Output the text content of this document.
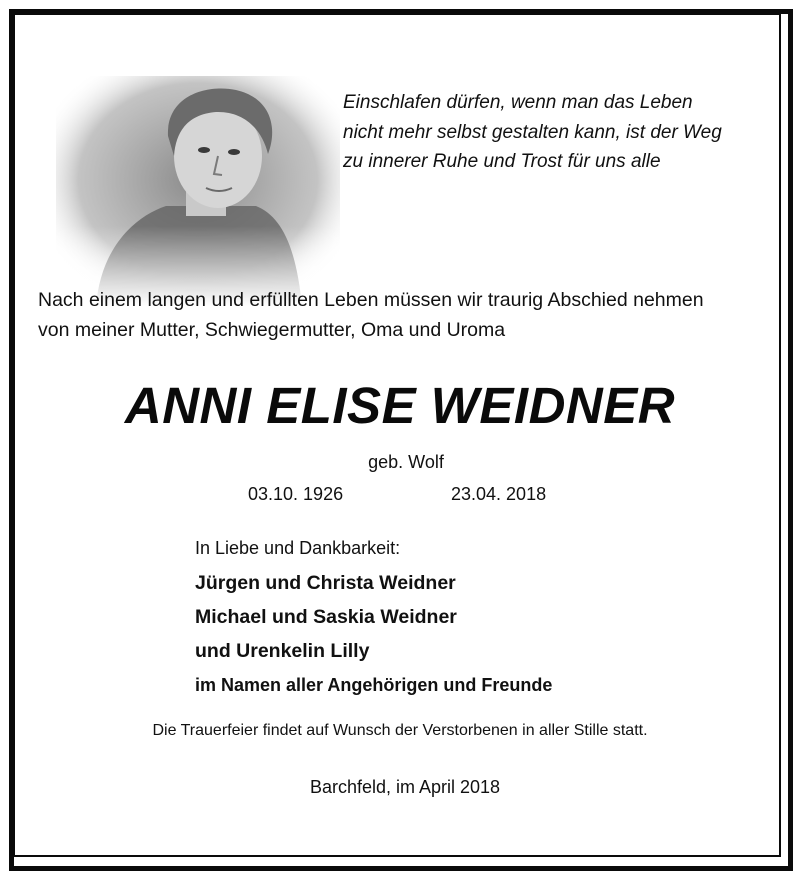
Einschlafen dürfen, wenn man das Leben
nicht mehr selbst gestalten kann, ist der Weg
zu innerer Ruhe und Trost für uns alle
Nach einem langen und erfüllten Leben müssen wir traurig Abschied nehmen
von meiner Mutter, Schwiegermutter, Oma und Uroma
ANNI ELISE WEIDNER
geb. Wolf
03.10. 1926	23.04. 2018
In Liebe und Dankbarkeit:
Jürgen und Christa Weidner
Michael und Saskia Weidner
und Urenkelin Lilly
im Namen aller Angehörigen und Freunde
Die Trauerfeier findet auf Wunsch der Verstorbenen in aller Stille statt.
Barchfeld, im April 2018
